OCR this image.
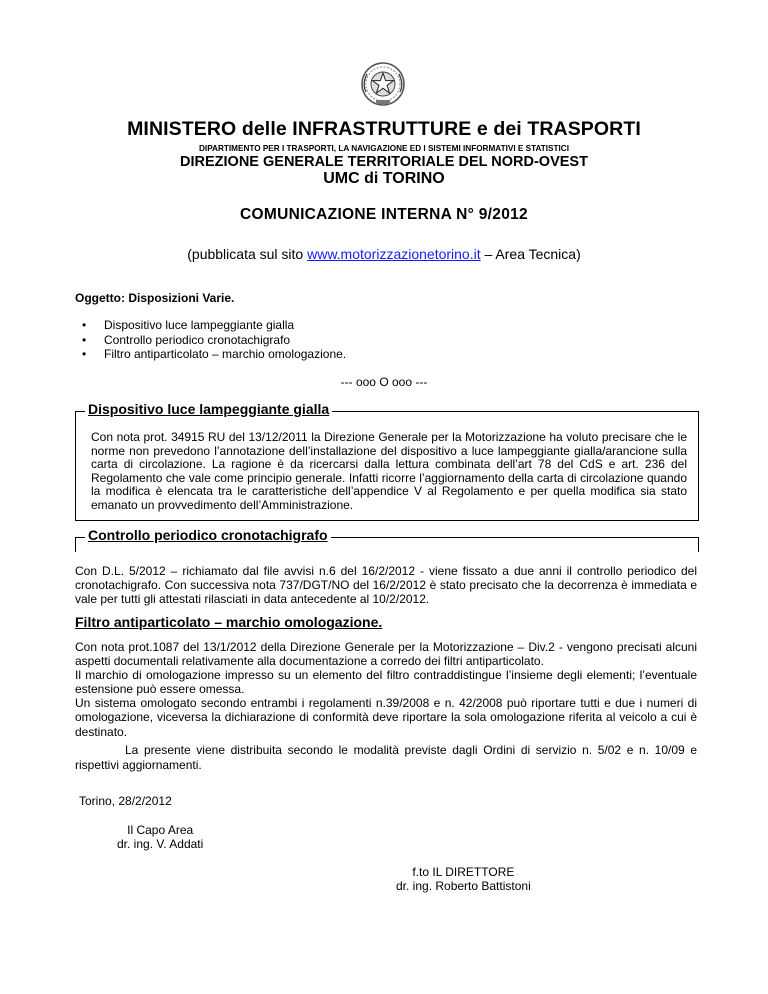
MINISTERO delle INFRASTRUTTURE e dei TRASPORTI
DIPARTIMENTO PER I TRASPORTI, LA NAVIGAZIONE ED I SISTEMI INFORMATIVI E STATISTICI
DIREZIONE GENERALE TERRITORIALE DEL NORD-OVEST
UMC di TORINO
COMUNICAZIONE INTERNA N° 9/2012
(pubblicata sul sito www.motorizzazionetorino.it – Area Tecnica)
Oggetto: Disposizioni Varie.
• Dispositivo luce lampeggiante gialla
• Controllo periodico cronotachigrafo
• Filtro antiparticolato – marchio omologazione.
--- ooo O ooo ---
Dispositivo luce lampeggiante gialla
Con nota prot. 34915 RU del 13/12/2011 la Direzione Generale per la Motorizzazione ha voluto precisare che le norme non prevedono l’annotazione dell’installazione del dispositivo a luce lampeggiante gialla/arancione sulla carta di circolazione. La ragione è da ricercarsi dalla lettura combinata dell’art 78 del CdS e art. 236 del Regolamento che vale come principio generale. Infatti ricorre l’aggiornamento della carta di circolazione quando la modifica è elencata tra le caratteristiche dell’appendice V al Regolamento e per quella modifica sia stato emanato un provvedimento dell’Amministrazione.
Controllo periodico cronotachigrafo
Con D.L. 5/2012 – richiamato dal file avvisi n.6 del 16/2/2012 - viene fissato a due anni il controllo periodico del cronotachigrafo. Con successiva nota 737/DGT/NO del 16/2/2012 è stato precisato che la decorrenza è immediata e vale per tutti gli attestati rilasciati in data antecedente al 10/2/2012.
Filtro antiparticolato – marchio omologazione.

Con nota prot.1087 del 13/1/2012 della Direzione Generale per la Motorizzazione – Div.2 - vengono precisati alcuni aspetti documentali relativamente alla documentazione a corredo dei filtri antiparticolato.

Il marchio di omologazione impresso su un elemento del filtro contraddistingue l’insieme degli elementi; l’eventuale estensione può essere omessa.

Un sistema omologato secondo entrambi i regolamenti n.39/2008 e n. 42/2008 può riportare tutti e due i numeri di omologazione, viceversa la dichiarazione di conformità deve riportare la sola omologazione riferita al veicolo a cui è destinato.

La presente viene distribuita secondo le modalità previste dagli Ordini di servizio n. 5/02 e n. 10/09 e rispettivi aggiornamenti.
Torino, 28/2/2012
Il Capo Area
dr. ing. V. Addati
f.to IL DIRETTORE
dr. ing. Roberto Battistoni
